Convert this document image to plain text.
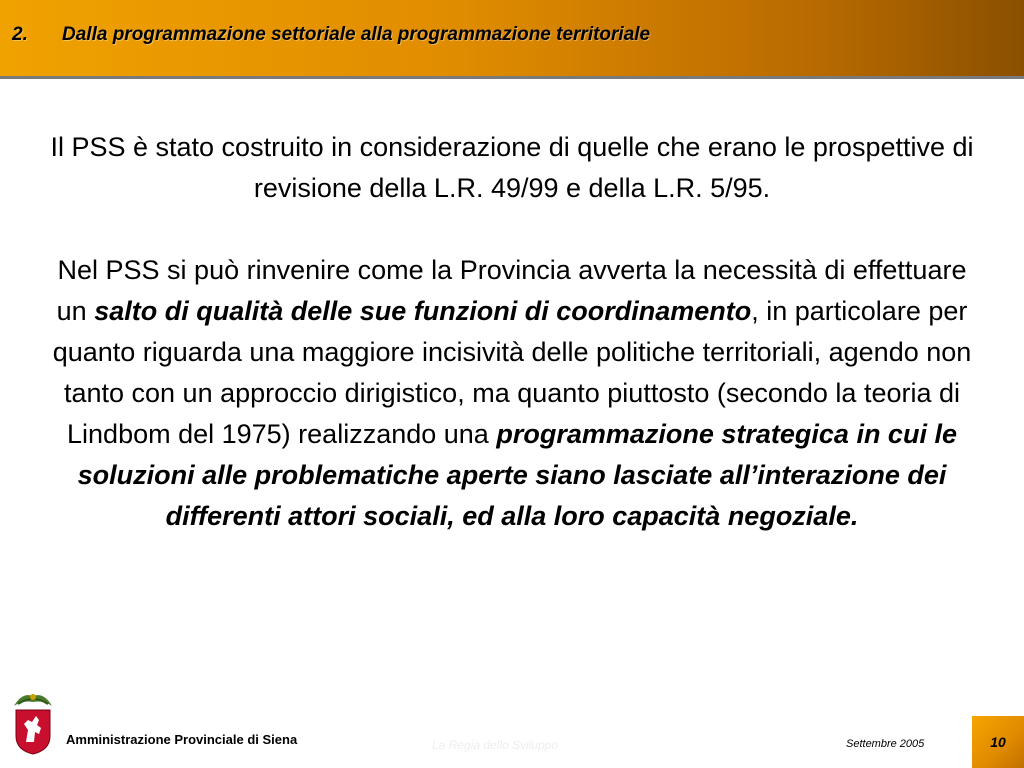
2. Dalla programmazione settoriale alla programmazione territoriale

Il PSS è stato costruito in considerazione di quelle che erano le prospettive di revisione della L.R. 49/99 e della L.R. 5/95.

Nel PSS si può rinvenire come la Provincia avverta la necessità di effettuare un salto di qualità delle sue funzioni di coordinamento, in particolare per quanto riguarda una maggiore incisività delle politiche territoriali, agendo non tanto con un approccio dirigistico, ma quanto piuttosto (secondo la teoria di Lindbom del 1975) realizzando una programmazione strategica in cui le soluzioni alle problematiche aperte siano lasciate all’interazione dei differenti attori sociali, ed alla loro capacità negoziale.

Amministrazione Provinciale di Siena	La Regia dello Sviluppo	Settembre 2005	10
